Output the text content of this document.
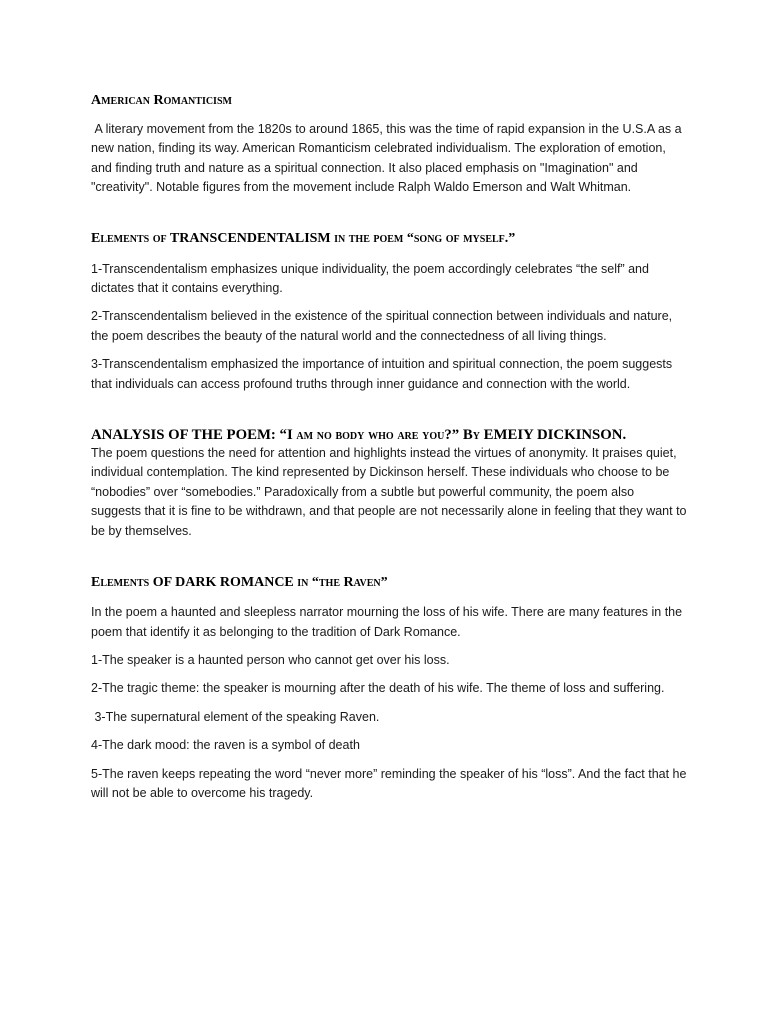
American Romanticism

A literary movement from the 1820s to around 1865, this was the time of rapid expansion in the U.S.A as a new nation, finding its way. American Romanticism celebrated individualism. The exploration of emotion, and finding truth and nature as a spiritual connection. It also placed emphasis on "Imagination" and "creativity". Notable figures from the movement include Ralph Waldo Emerson and Walt Whitman.

Elements of TRANSCENDENTALISM in the poem “song of myself.”

1-Transcendentalism emphasizes unique individuality, the poem accordingly celebrates “the self” and dictates that it contains everything.

2-Transcendentalism believed in the existence of the spiritual connection between individuals and nature, the poem describes the beauty of the natural world and the connectedness of all living things.

3-Transcendentalism emphasized the importance of intuition and spiritual connection, the poem suggests that individuals can access profound truths through inner guidance and connection with the world.

ANALYSIS OF THE POEM: “I am no body who are you?” By EMEIY DICKINSON.

The poem questions the need for attention and highlights instead the virtues of anonymity. It praises quiet, individual contemplation. The kind represented by Dickinson herself. These individuals who choose to be “nobodies” over “somebodies.” Paradoxically from a subtle but powerful community, the poem also suggests that it is fine to be withdrawn, and that people are not necessarily alone in feeling that they want to be by themselves.

Elements OF DARK ROMANCE in “the Raven”

In the poem a haunted and sleepless narrator mourning the loss of his wife. There are many features in the poem that identify it as belonging to the tradition of Dark Romance.

1-The speaker is a haunted person who cannot get over his loss.

2-The tragic theme: the speaker is mourning after the death of his wife. The theme of loss and suffering.

3-The supernatural element of the speaking Raven.

4-The dark mood: the raven is a symbol of death

5-The raven keeps repeating the word “never more” reminding the speaker of his “loss”. And the fact that he will not be able to overcome his tragedy.
